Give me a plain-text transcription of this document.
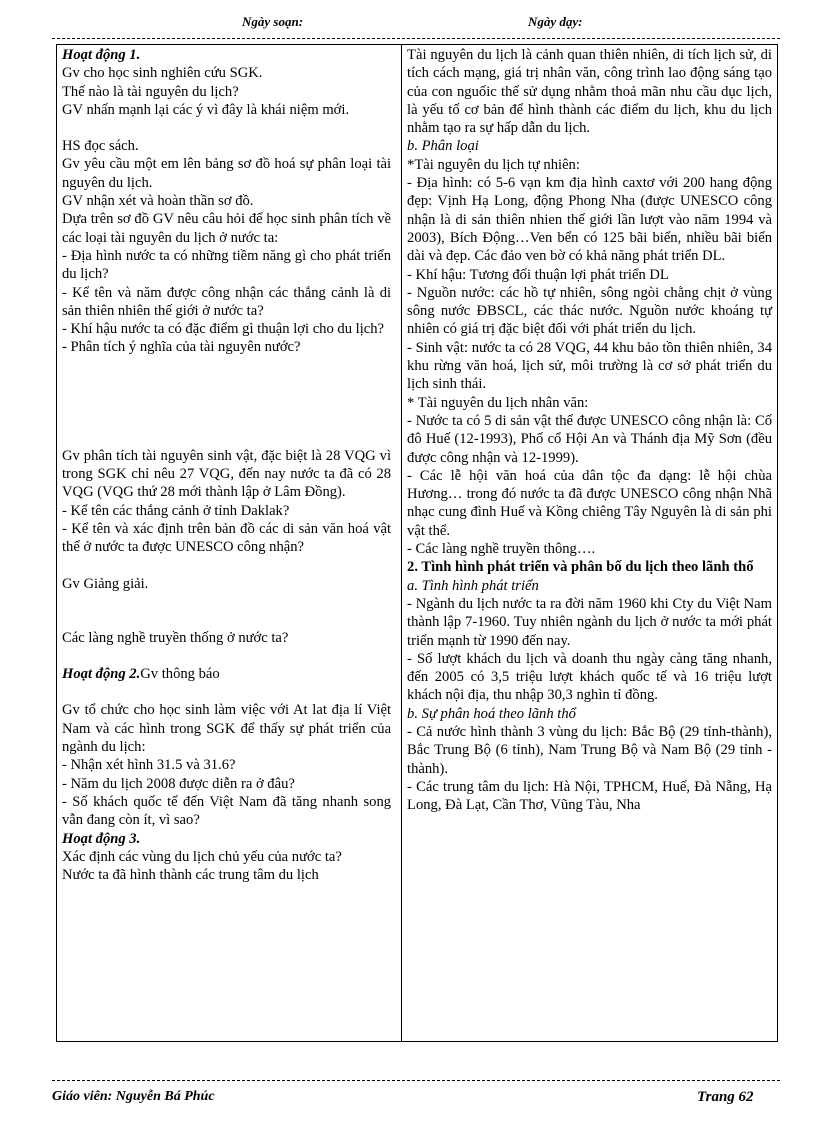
Ngày soạn:	Ngày dạy:
Hoạt động 1.
Gv cho học sinh nghiên cứu SGK.
Thế nào là tài nguyên du lịch?
GV nhấn mạnh lại các ý vì đây là khái niệm mới.
HS đọc sách.
Gv yêu cầu một em lên bảng sơ đồ hoá sự phân loại tài nguyên du lịch.
GV nhận xét và hoàn thần sơ đồ.
Dựa trên sơ đồ GV nêu câu hỏi để học sinh phân tích về các loại tài nguyên du lịch ở nước ta:
- Địa hình nước ta có những tiềm năng gì cho phát triển du lịch?
- Kể tên và năm được công nhận các thắng cảnh là di sản thiên nhiên thế giới ở nước ta?
- Khí hậu nước ta có đặc điểm gì thuận lợi cho du lịch?
- Phân tích ý nghĩa của tài nguyên nước?
Gv phân tích tài nguyên sinh vật, đặc biệt là 28 VQG vì trong SGK chỉ nêu 27 VQG, đến nay nước ta đã có 28 VQG (VQG thứ 28 mới thành lập ở Lâm Đồng).
- Kể tên các thắng cảnh ở tỉnh Daklak?
- Kể tên và xác định trên bản đồ các di sản văn hoá vật thể ở nước ta được UNESCO công nhận?
Gv Giảng giải.
Các làng nghề truyền thống ở nước ta?
Hoạt động 2.Gv thông báo
Gv tổ chức cho học sinh làm việc với At lat địa lí Việt Nam và các hình trong SGK để thấy sự phát triển của ngành du lịch:
- Nhận xét hình 31.5 và 31.6?
- Năm du lịch 2008 được diễn ra ở đâu?
- Số khách quốc tế đến Việt Nam đã tăng nhanh song vẫn đang còn ít, vì sao?
Hoạt động 3.
Xác định các vùng du lịch chủ yếu của nước ta?
Nước ta đã hình thành các trung tâm du lịch
Tài nguyên du lịch là cảnh quan thiên nhiên, di tích lịch sử, di tích cách mạng, giá trị nhân văn, công trình lao động sáng tạo của con nguốic thể sử dụng nhằm thoả mãn nhu cầu dục lịch, là yếu tố cơ bản để hình thành các điểm du lịch, khu du lịch nhằm tạo ra sự hấp dẫn du lịch.
b. Phân loại
*Tài nguyên du lịch tự nhiên:
- Địa hình: có 5-6 vạn km địa hình caxtơ với 200 hang động đẹp: Vịnh Hạ Long, động Phong Nha (được UNESCO công nhận là di sản thiên nhien thế giới lần lượt vào năm 1994 và 2003), Bích Động…Ven bển có 125 bãi biển, nhiều bãi biển dài và đẹp. Các đảo ven bờ có khả năng phát triển DL.
- Khí hậu: Tương đối thuận lợi phát triển DL
- Nguồn nước: các hồ tự nhiên, sông ngòi chằng chịt ở vùng sông nước ĐBSCL, các thác nước. Nguồn nước khoáng tự nhiên có giá trị đặc biệt đối với phát triển du lịch.
- Sinh vật: nước ta có 28 VQG, 44 khu bảo tồn thiên nhiên, 34 khu rừng văn hoá, lịch sử, môi trường là cơ sở phát triển du lịch sinh thái.
* Tài nguyên du lịch nhân văn:
- Nước ta có 5 di sản vật thể được UNESCO công nhận là: Cố đô Huế (12-1993), Phố cổ Hội An và Thánh địa Mỹ Sơn (đều được công nhận và 12-1999).
- Các lễ hội văn hoá của dân tộc đa dạng: lễ hội chùa Hương… trong đó nước ta đã được UNESCO công nhận Nhã nhạc cung đình Huế và Kồng chiêng Tây Nguyên là di sản phi vật thể.
- Các làng nghề truyền thông….
2. Tình hình phát triển và phân bố du lịch theo lãnh thổ
a. Tình hình phát triển
- Ngành du lịch nước ta ra đời năm 1960 khi Cty du Việt Nam thành lập 7-1960. Tuy nhiên ngành du lịch ở nước ta mới phát triển mạnh từ 1990 đến nay.
- Số lượt khách du lịch và doanh thu ngày càng tăng nhanh, đến 2005 có 3,5 triệu lượt khách quốc tế và 16 triệu lượt khách nội địa, thu nhập 30,3 nghìn tỉ đồng.
b. Sự phân hoá theo lãnh thổ
- Cả nước hình thành 3 vùng du lịch: Bắc Bộ (29 tỉnh-thành), Bắc Trung Bộ (6 tỉnh), Nam Trung Bộ và Nam Bộ (29 tỉnh - thành).
- Các trung tâm du lịch: Hà Nội, TPHCM, Huế, Đà Nẵng, Hạ Long, Đà Lạt, Cần Thơ, Vũng Tàu, Nha
Giáo viên: Nguyễn Bá Phúc	Trang 62
